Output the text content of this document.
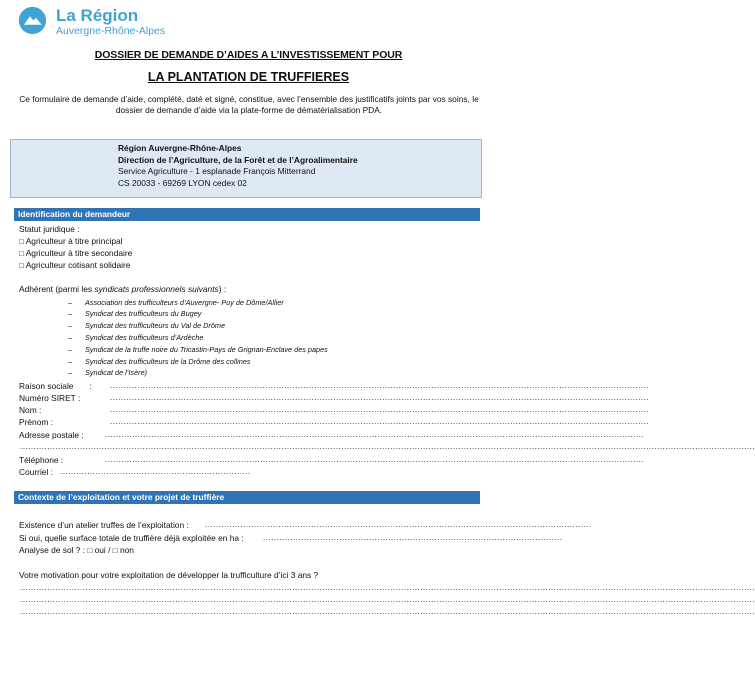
La Région
Auvergne-Rhône-Alpes
DOSSIER DE DEMANDE D’AIDES A L’INVESTISSEMENT POUR
LA PLANTATION DE TRUFFIERES
Ce formulaire de demande d’aide, complété, daté et signé, constitue, avec l’ensemble des justificatifs joints par vos soins, le dossier de demande d’aide via la plate-forme de dématérialisation PDA.
Région Auvergne-Rhône-Alpes
Direction de l’Agriculture, de la Forêt et de l’Agroalimentaire
Service Agriculture - 1 esplanade François Mitterrand
CS 20033 - 69269 LYON cedex 02
Identification du demandeur
Statut juridique :
□ Agriculteur à titre principal
□ Agriculteur à titre secondaire
□ Agriculteur cotisant solidaire
Adhérent (parmi les syndicats professionnels suivants) :
– Association des trufficulteurs d’Auvergne- Puy de Dôme/Allier
– Syndicat des trufficulteurs du Bugey
– Syndicat des trufficulteurs du Val de Drôme
– Syndicat des trufficulteurs d’Ardèche
– Syndicat de la truffe noire du Tricastin-Pays de Grignan-Enclave des papes
– Syndicat des trufficulteurs de la Drôme des collines
– Syndicat de l’Isère)
Raison sociale : ......................................................................................................................................................................................................
Numéro SIRET :	......................................................................................................................................................................................................
Nom :	......................................................................................................................................................................................................
Prénom :	......................................................................................................................................................................................................
Adresse postale :	......................................................................................................................................................................................................
..............................................................................................................................................................................................................................................................................
Téléphone :	......................................................................................................................................................................................................
Courriel : ......................................................................
Contexte de l’exploitation et votre projet de truffière
Existence d’un atelier truffes de l’exploitation : ..............................................................................................................................................
Si oui, quelle surface totale de truffière déjà exploitée en ha : ..............................................................................................................
Analyse de sol ? : □ oui / □ non
Votre motivation pour votre exploitation de développer la trufficulture d’ici 3 ans ?
..............................................................................................................................................................................................................................................................................
..............................................................................................................................................................................................................................................................................
..............................................................................................................................................................................................................................................................................
